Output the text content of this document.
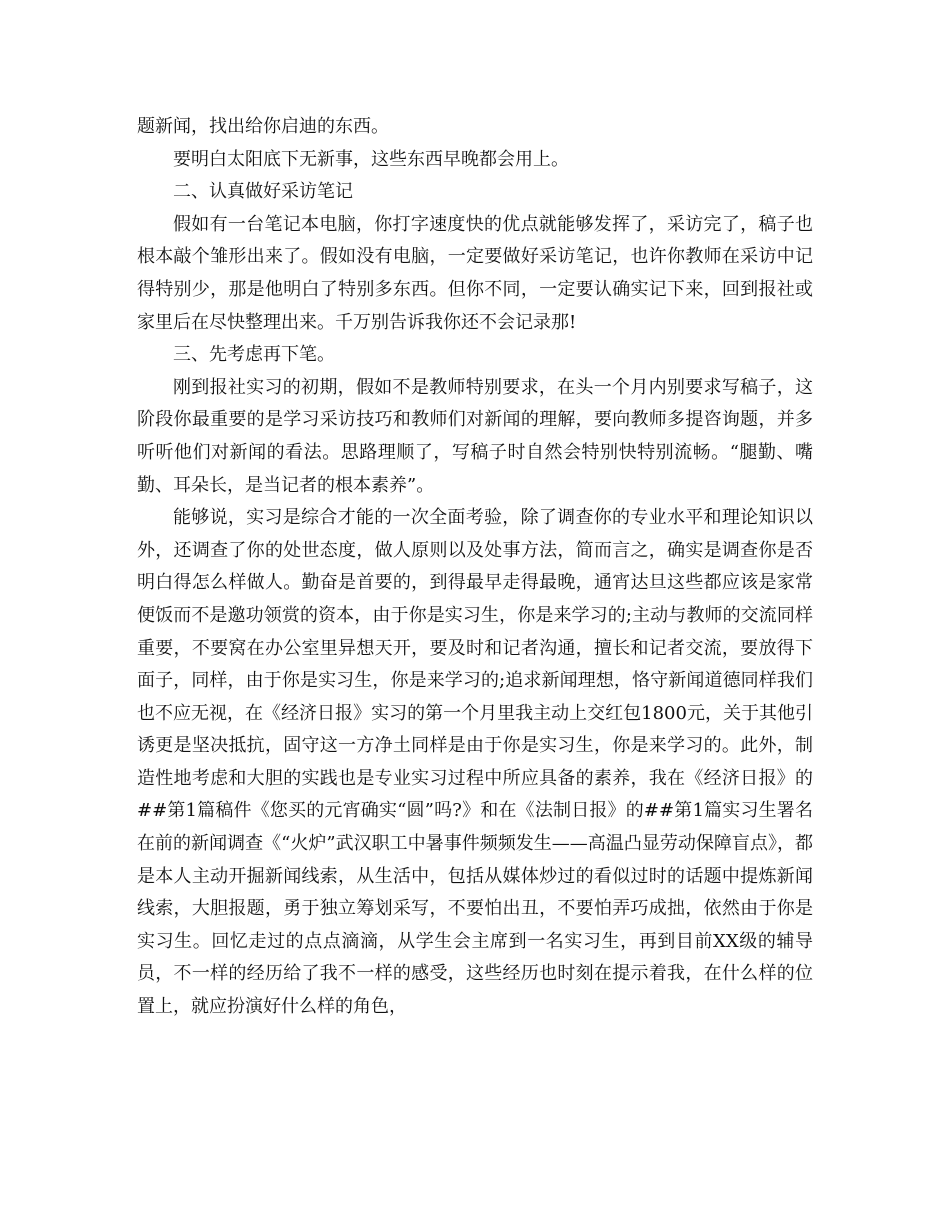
题新闻，找出给你启迪的东西。

要明白太阳底下无新事，这些东西早晚都会用上。

二、认真做好采访笔记

假如有一台笔记本电脑，你打字速度快的优点就能够发挥了，采访完了，稿子也根本敲个雏形出来了。假如没有电脑，一定要做好采访笔记，也许你教师在采访中记得特别少，那是他明白了特别多东西。但你不同，一定要认确实记下来，回到报社或家里后在尽快整理出来。千万别告诉我你还不会记录那!

三、先考虑再下笔。

刚到报社实习的初期，假如不是教师特别要求，在头一个月内别要求写稿子，这阶段你最重要的是学习采访技巧和教师们对新闻的理解，要向教师多提咨询题，并多听听他们对新闻的看法。思路理顺了，写稿子时自然会特别快特别流畅。“腿勤、嘴勤、耳朵长，是当记者的根本素养”。

能够说，实习是综合才能的一次全面考验，除了调查你的专业水平和理论知识以外，还调查了你的处世态度，做人原则以及处事方法，简而言之，确实是调查你是否明白得怎么样做人。勤奋是首要的，到得最早走得最晚，通宵达旦这些都应该是家常便饭而不是邀功领赏的资本，由于你是实习生，你是来学习的;主动与教师的交流同样重要，不要窝在办公室里异想天开，要及时和记者沟通，擅长和记者交流，要放得下面子，同样，由于你是实习生，你是来学习的;追求新闻理想，恪守新闻道德同样我们也不应无视，在《经济日报》实习的第一个月里我主动上交红包1800元，关于其他引诱更是坚决抵抗，固守这一方净土同样是由于你是实习生，你是来学习的。此外，制造性地考虑和大胆的实践也是专业实习过程中所应具备的素养，我在《经济日报》的##第1篇稿件《您买的元宵确实“圆”吗?》和在《法制日报》的##第1篇实习生署名在前的新闻调查《“火炉”武汉职工中暑事件频频发生——高温凸显劳动保障盲点》，都是本人主动开掘新闻线索，从生活中，包括从媒体炒过的看似过时的话题中提炼新闻线索，大胆报题，勇于独立筹划采写，不要怕出丑，不要怕弄巧成拙，依然由于你是实习生。回忆走过的点点滴滴，从学生会主席到一名实习生，再到目前XX级的辅导员，不一样的经历给了我不一样的感受，这些经历也时刻在提示着我，在什么样的位置上，就应扮演好什么样的角色，
